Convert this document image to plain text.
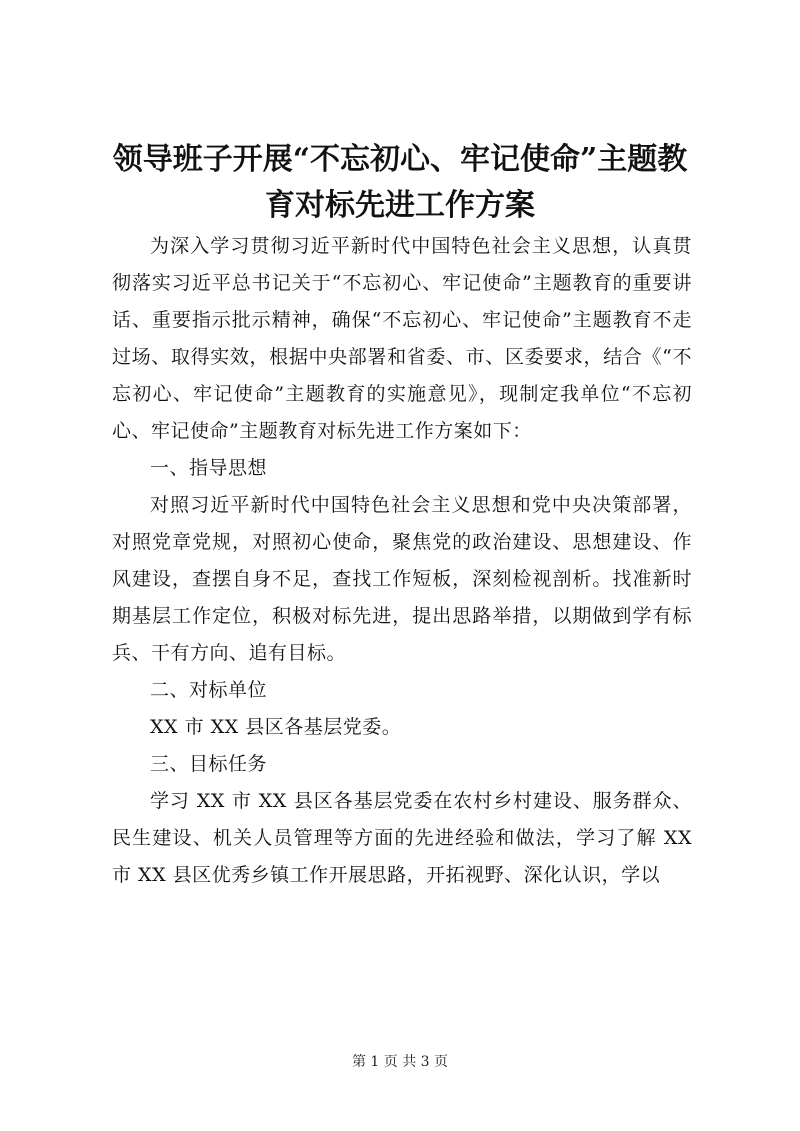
领导班子开展“不忘初心、牢记使命”主题教
育对标先进工作方案

为深入学习贯彻习近平新时代中国特色社会主义思想，认真贯彻落实习近平总书记关于“不忘初心、牢记使命”主题教育的重要讲话、重要指示批示精神，确保“不忘初心、牢记使命”主题教育不走过场、取得实效，根据中央部署和省委、市、区委要求，结合《“不忘初心、牢记使命”主题教育的实施意见》，现制定我单位“不忘初心、牢记使命”主题教育对标先进工作方案如下：

一、指导思想

对照习近平新时代中国特色社会主义思想和党中央决策部署，对照党章党规，对照初心使命，聚焦党的政治建设、思想建设、作风建设，查摆自身不足，查找工作短板，深刻检视剖析。找准新时期基层工作定位，积极对标先进，提出思路举措，以期做到学有标兵、干有方向、追有目标。

二、对标单位

XX 市 XX 县区各基层党委。

三、目标任务

学习 XX 市 XX 县区各基层党委在农村乡村建设、服务群众、民生建设、机关人员管理等方面的先进经验和做法，学习了解 XX 市 XX 县区优秀乡镇工作开展思路，开拓视野、深化认识，学以

第 1 页 共 3 页
